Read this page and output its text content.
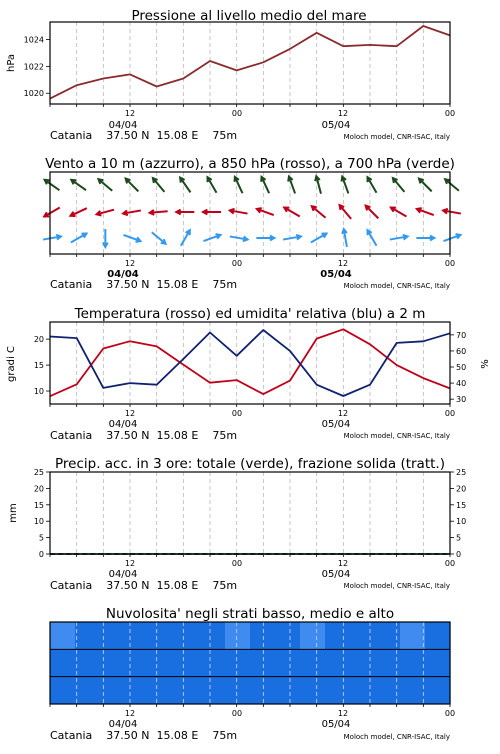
Pressione al livello medio del mare
hPa
1020
1022
1024
12	00	12	00
04/04	05/04
Catania    37.50 N  15.08 E    75m	Moloch model, CNR-ISAC, Italy
Vento a 10 m (azzurro), a 850 hPa (rosso), a 700 hPa (verde)
12	00	12	00
04/04	05/04
Catania    37.50 N  15.08 E    75m	Moloch model, CNR-ISAC, Italy
Temperatura (rosso) ed umidita' relativa (blu) a 2 m
gradi C	%
10
15
20
30
40
50
60
70
12	00	12	00
04/04	05/04
Catania    37.50 N  15.08 E    75m	Moloch model, CNR-ISAC, Italy
Precip. acc. in 3 ore: totale (verde), frazione solida (tratt.)
mm
0
5
10
15
20
25
0
5
10
15
20
25
12	00	12	00
04/04	05/04
Catania    37.50 N  15.08 E    75m	Moloch model, CNR-ISAC, Italy
Nuvolosita' negli strati basso, medio e alto
12	00	12	00
04/04	05/04
Catania    37.50 N  15.08 E    75m	Moloch model, CNR-ISAC, Italy
